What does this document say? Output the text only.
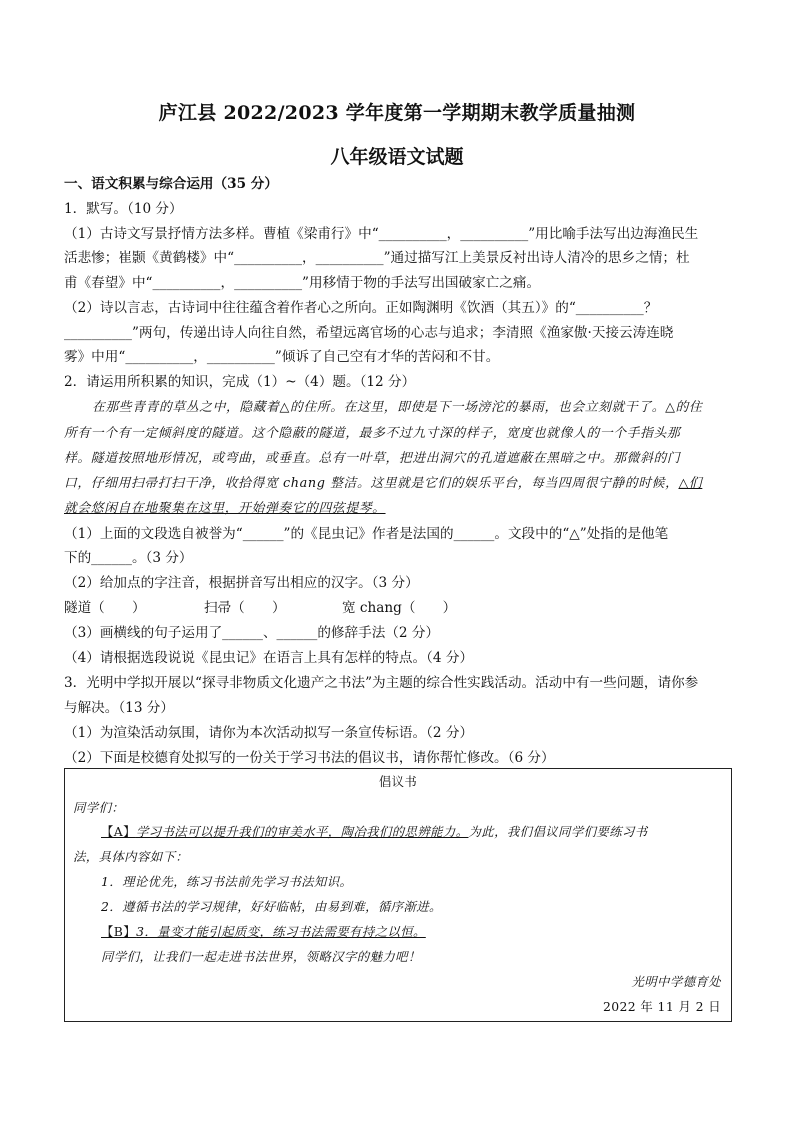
庐江县 2022/2023 学年度第一学期期末教学质量抽测
八年级语文试题
一、语文积累与综合运用（35 分）
1．默写。（10 分）
（1）古诗文写景抒情方法多样。曹植《梁甫行》中“__________，__________”用比喻手法写出边海渔民生
活悲惨；崔颢《黄鹤楼》中“__________，__________”通过描写江上美景反衬出诗人清冷的思乡之情；杜
甫《春望》中“__________，__________”用移情于物的手法写出国破家亡之痛。
（2）诗以言志，古诗词中往往蕴含着作者心之所向。正如陶渊明《饮酒（其五）》的“__________？
__________”两句，传递出诗人向往自然，希望远离官场的心志与追求；李清照《渔家傲·天接云涛连晓
雾》中用“__________，__________”倾诉了自己空有才华的苦闷和不甘。
2．请运用所积累的知识，完成（1）~（4）题。（12 分）
在那些青青的草丛之中，隐藏着△的住所。在这里，即使是下一场滂沱的暴雨，也会立刻就干了。△的住
所有一个有一定倾斜度的隧道。这个隐蔽的隧道，最多不过九寸深的样子，宽度也就像人的一个手指头那
样。隧道按照地形情况，或弯曲，或垂直。总有一叶草，把进出洞穴的孔道遮蔽在黑暗之中。那微斜的门
口，仔细用扫帚打扫干净，收拾得宽 chang 整洁。这里就是它们的娱乐平台，每当四周很宁静的时候，△们
就会悠闲自在地聚集在这里，开始弹奏它的四弦提琴。
（1）上面的文段选自被誉为“______”的《昆虫记》作者是法国的______。文段中的“△”处指的是他笔
下的______。（3 分）
（2）给加点的字注音，根据拼音写出相应的汉字。（3 分）
隧道（　　）	扫帚（　　）	宽 chang（　　）
（3）画横线的句子运用了______、______的修辞手法（2 分）
（4）请根据选段说说《昆虫记》在语言上具有怎样的特点。（4 分）
3．光明中学拟开展以“探寻非物质文化遗产之书法”为主题的综合性实践活动。活动中有一些问题，请你参
与解决。（13 分）
（1）为渲染活动氛围，请你为本次活动拟写一条宣传标语。（2 分）
（2）下面是校德育处拟写的一份关于学习书法的倡议书，请你帮忙修改。（6 分）
倡议书
同学们：
【A】学习书法可以提升我们的审美水平，陶冶我们的思辨能力。为此，我们倡议同学们要练习书
法，具体内容如下：
1．理论优先，练习书法前先学习书法知识。
2．遵循书法的学习规律，好好临帖，由易到难，循序渐进。
【B】3．量变才能引起质变，练习书法需要有持之以恒。
同学们，让我们一起走进书法世界，领略汉字的魅力吧！
光明中学德育处
2022 年 11 月 2 日
